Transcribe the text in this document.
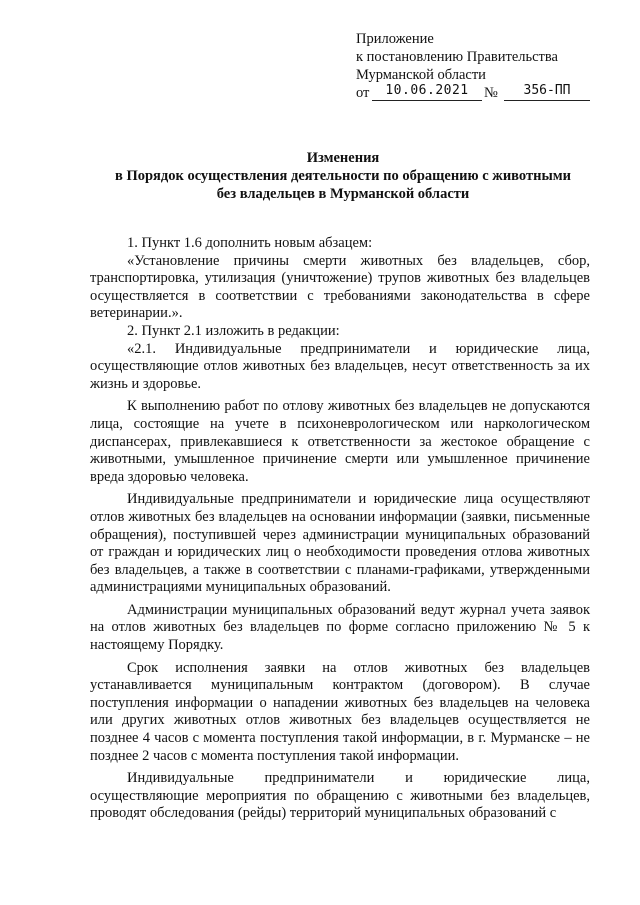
Приложение
к постановлению Правительства
Мурманской области
от	10.06.2021	№	356-ПП
Изменения
в Порядок осуществления деятельности по обращению с животными
без владельцев в Мурманской области

1. Пункт 1.6 дополнить новым абзацем:

«Установление причины смерти животных без владельцев, сбор, транспортировка, утилизация (уничтожение) трупов животных без владельцев осуществляется в соответствии с требованиями законодательства в сфере ветеринарии.».

2. Пункт 2.1 изложить в редакции:

«2.1. Индивидуальные предприниматели и юридические лица, осуществляющие отлов животных без владельцев, несут ответственность за их жизнь и здоровье.

К выполнению работ по отлову животных без владельцев не допускаются лица, состоящие на учете в психоневрологическом или наркологическом диспансерах, привлекавшиеся к ответственности за жестокое обращение с животными, умышленное причинение смерти или умышленное причинение вреда здоровью человека.

Индивидуальные предприниматели и юридические лица осуществляют отлов животных без владельцев на основании информации (заявки, письменные обращения), поступившей через администрации муниципальных образований от граждан и юридических лиц о необходимости проведения отлова животных без владельцев, а также в соответствии с планами-графиками, утвержденными администрациями муниципальных образований.

Администрации муниципальных образований ведут журнал учета заявок на отлов животных без владельцев по форме согласно приложению № 5 к настоящему Порядку.

Срок исполнения заявки на отлов животных без владельцев устанавливается муниципальным контрактом (договором). В случае поступления информации о нападении животных без владельцев на человека или других животных отлов животных без владельцев осуществляется не позднее 4 часов с момента поступления такой информации, в г. Мурманске – не позднее 2 часов с момента поступления такой информации.

Индивидуальные предприниматели и юридические лица, осуществляющие мероприятия по обращению с животными без владельцев, проводят обследования (рейды) территорий муниципальных образований с
